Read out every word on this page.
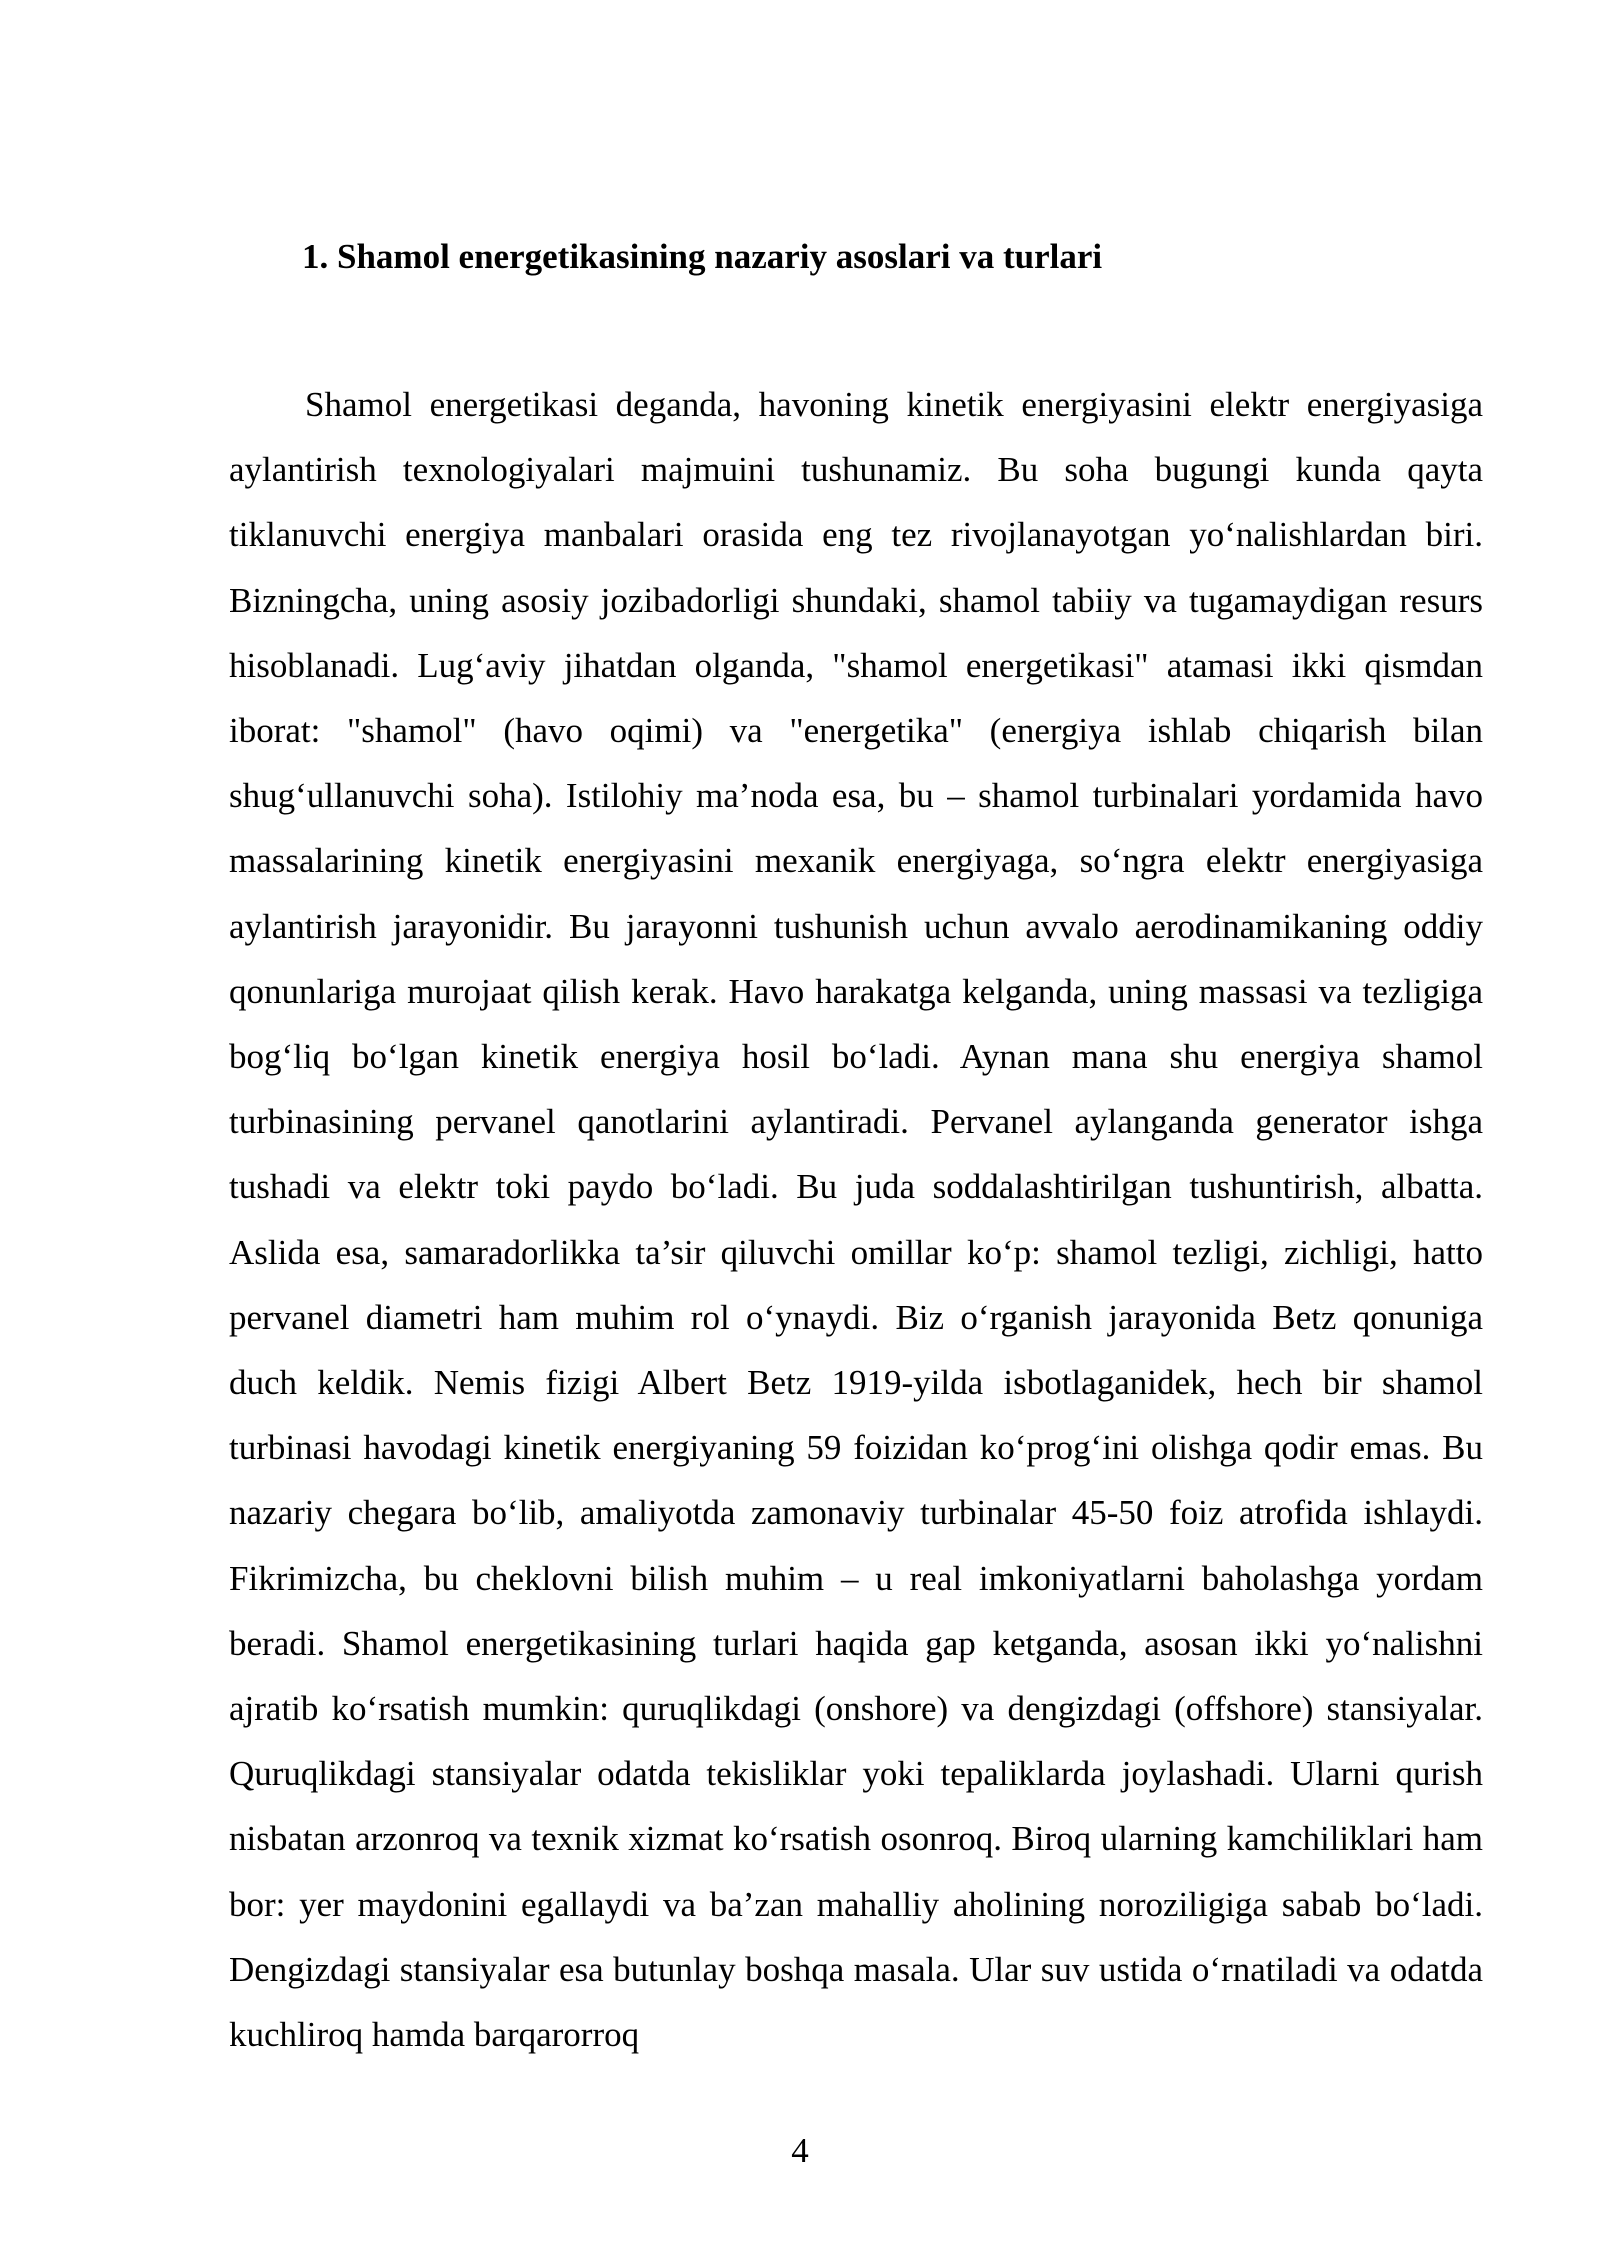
1. Shamol energetikasining nazariy asoslari va turlari

Shamol energetikasi deganda, havoning kinetik energiyasini elektr energiyasiga aylantirish texnologiyalari majmuini tushunamiz. Bu soha bugungi kunda qayta tiklanuvchi energiya manbalari orasida eng tez rivojlanayotgan yo‘nalishlardan biri. Bizningcha, uning asosiy jozibadorligi shundaki, shamol tabiiy va tugamaydigan resurs hisoblanadi. Lug‘aviy jihatdan olganda, "shamol energetikasi" atamasi ikki qismdan iborat: "shamol" (havo oqimi) va "energetika" (energiya ishlab chiqarish bilan shug‘ullanuvchi soha). Istilohiy ma’noda esa, bu – shamol turbinalari yordamida havo massalarining kinetik energiyasini mexanik energiyaga, so‘ngra elektr energiyasiga aylantirish jarayonidir. Bu jarayonni tushunish uchun avvalo aerodinamikaning oddiy qonunlariga murojaat qilish kerak. Havo harakatga kelganda, uning massasi va tezligiga bog‘liq bo‘lgan kinetik energiya hosil bo‘ladi. Aynan mana shu energiya shamol turbinasining pervanel qanotlarini aylantiradi. Pervanel aylanganda generator ishga tushadi va elektr toki paydo bo‘ladi. Bu juda soddalashtirilgan tushuntirish, albatta. Aslida esa, samaradorlikka ta’sir qiluvchi omillar ko‘p: shamol tezligi, zichligi, hatto pervanel diametri ham muhim rol o‘ynaydi. Biz o‘rganish jarayonida Betz qonuniga duch keldik. Nemis fizigi Albert Betz 1919-yilda isbotlaganidek, hech bir shamol turbinasi havodagi kinetik energiyaning 59 foizidan ko‘prog‘ini olishga qodir emas. Bu nazariy chegara bo‘lib, amaliyotda zamonaviy turbinalar 45-50 foiz atrofida ishlaydi. Fikrimizcha, bu cheklovni bilish muhim – u real imkoniyatlarni baholashga yordam beradi. Shamol energetikasining turlari haqida gap ketganda, asosan ikki yo‘nalishni ajratib ko‘rsatish mumkin: quruqlikdagi (onshore) va dengizdagi (offshore) stansiyalar. Quruqlikdagi stansiyalar odatda tekisliklar yoki tepaliklarda joylashadi. Ularni qurish nisbatan arzonroq va texnik xizmat ko‘rsatish osonroq. Biroq ularning kamchiliklari ham bor: yer maydonini egallaydi va ba’zan mahalliy aholining noroziligiga sabab bo‘ladi. Dengizdagi stansiyalar esa butunlay boshqa masala. Ular suv ustida o‘rnatiladi va odatda kuchliroq hamda barqarorroq

4
